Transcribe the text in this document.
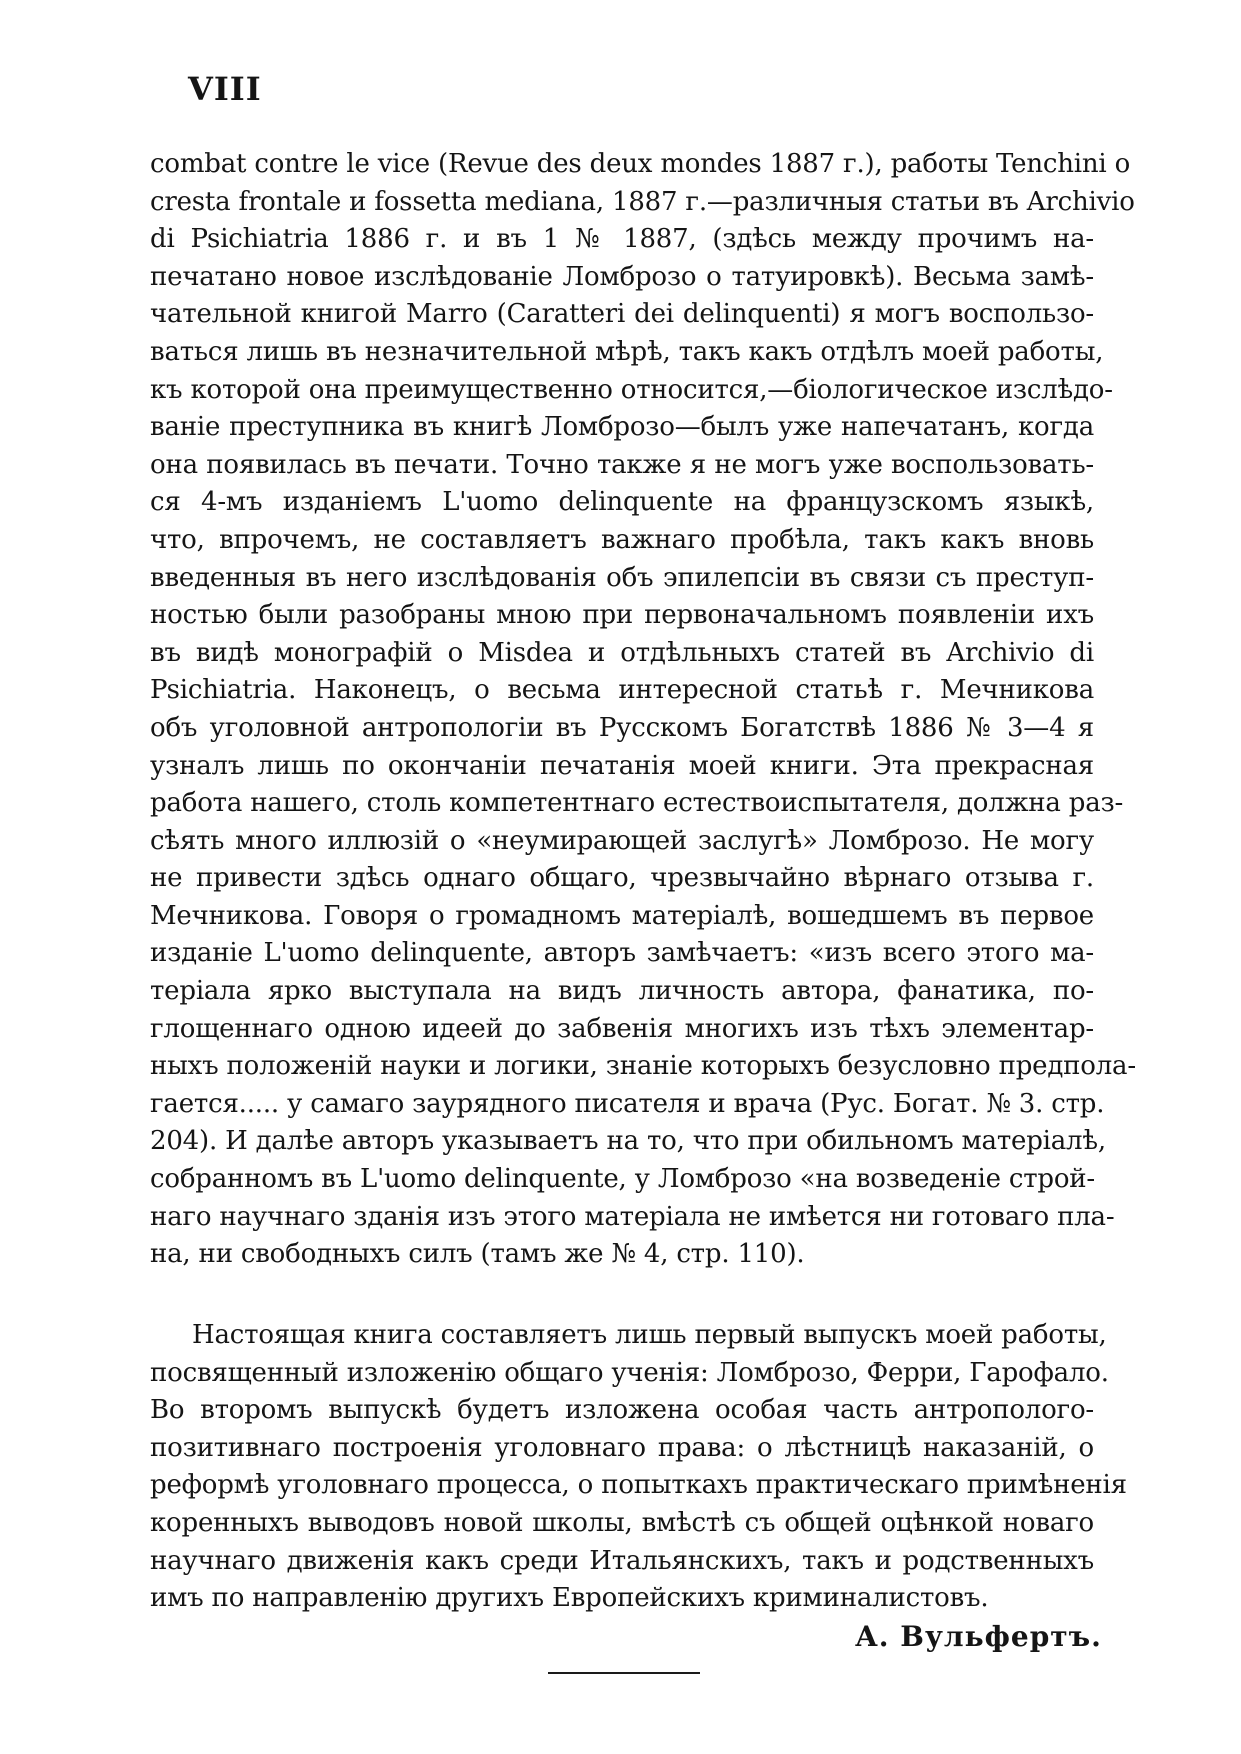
VIII
combat contre le vice (Revue des deux mondes 1887 г.), работы Tenchini о
cresta frontale и fossetta mediana, 1887 г.—различныя статьи въ Archivio
di Psichiatria 1886 г. и въ 1 № 1887, (здѣсь между прочимъ на-
печатано новое изслѣдованіе Ломброзо о татуировкѣ). Весьма замѣ-
чательной книгой Marro (Caratteri dei delinquenti) я могъ воспользо-
ваться лишь въ незначительной мѣрѣ, такъ какъ отдѣлъ моей работы,
къ которой она преимущественно относится,—біологическое изслѣдо-
ваніе преступника въ книгѣ Ломброзо—былъ уже напечатанъ, когда
она появилась въ печати. Точно также я не могъ уже воспользовать-
ся 4-мъ изданіемъ L'uomo delinquente на французскомъ языкѣ,
что, впрочемъ, не составляетъ важнаго пробѣла, такъ какъ вновь
введенныя въ него изслѣдованія объ эпилепсіи въ связи съ преступ-
ностью были разобраны мною при первоначальномъ появленіи ихъ
въ видѣ монографій о Misdea и отдѣльныхъ статей въ Archivio di
Psichiatria. Наконецъ, о весьма интересной статьѣ г. Мечникова
объ уголовной антропологіи въ Русскомъ Богатствѣ 1886 № 3—4 я
узналъ лишь по окончаніи печатанія моей книги. Эта прекрасная
работа нашего, столь компетентнаго естествоиспытателя, должна раз-
сѣять много иллюзій о «неумирающей заслугѣ» Ломброзо. Не могу
не привести здѣсь однаго общаго, чрезвычайно вѣрнаго отзыва г.
Мечникова. Говоря о громадномъ матеріалѣ, вошедшемъ въ первое
изданіе L'uomo delinquente, авторъ замѣчаетъ: «изъ всего этого ма-
теріала ярко выступала на видъ личность автора, фанатика, по-
глощеннаго одною идеей до забвенія многихъ изъ тѣхъ элементар-
ныхъ положеній науки и логики, знаніе которыхъ безусловно предпола-
гается..... у самаго заурядного писателя и врача (Рус. Богат. № 3. стр.
204). И далѣе авторъ указываетъ на то, что при обильномъ матеріалѣ,
собранномъ въ L'uomo delinquente, у Ломброзо «на возведеніе строй-
наго научнаго зданія изъ этого матеріала не имѣется ни готоваго пла-
на, ни свободныхъ силъ (тамъ же № 4, стр. 110).
Настоящая книга составляетъ лишь первый выпускъ моей работы,
посвященный изложенію общаго ученія: Ломброзо, Ферри, Гарофало.
Во второмъ выпускѣ будетъ изложена особая часть антрополого-
позитивнаго построенія уголовнаго права: о лѣстницѣ наказаній, о
реформѣ уголовнаго процесса, о попыткахъ практическаго примѣненія
коренныхъ выводовъ новой школы, вмѣстѣ съ общей оцѣнкой новаго
научнаго движенія какъ среди Итальянскихъ, такъ и родственныхъ
имъ по направленію другихъ Европейскихъ криминалистовъ.
А. Вульфертъ.
